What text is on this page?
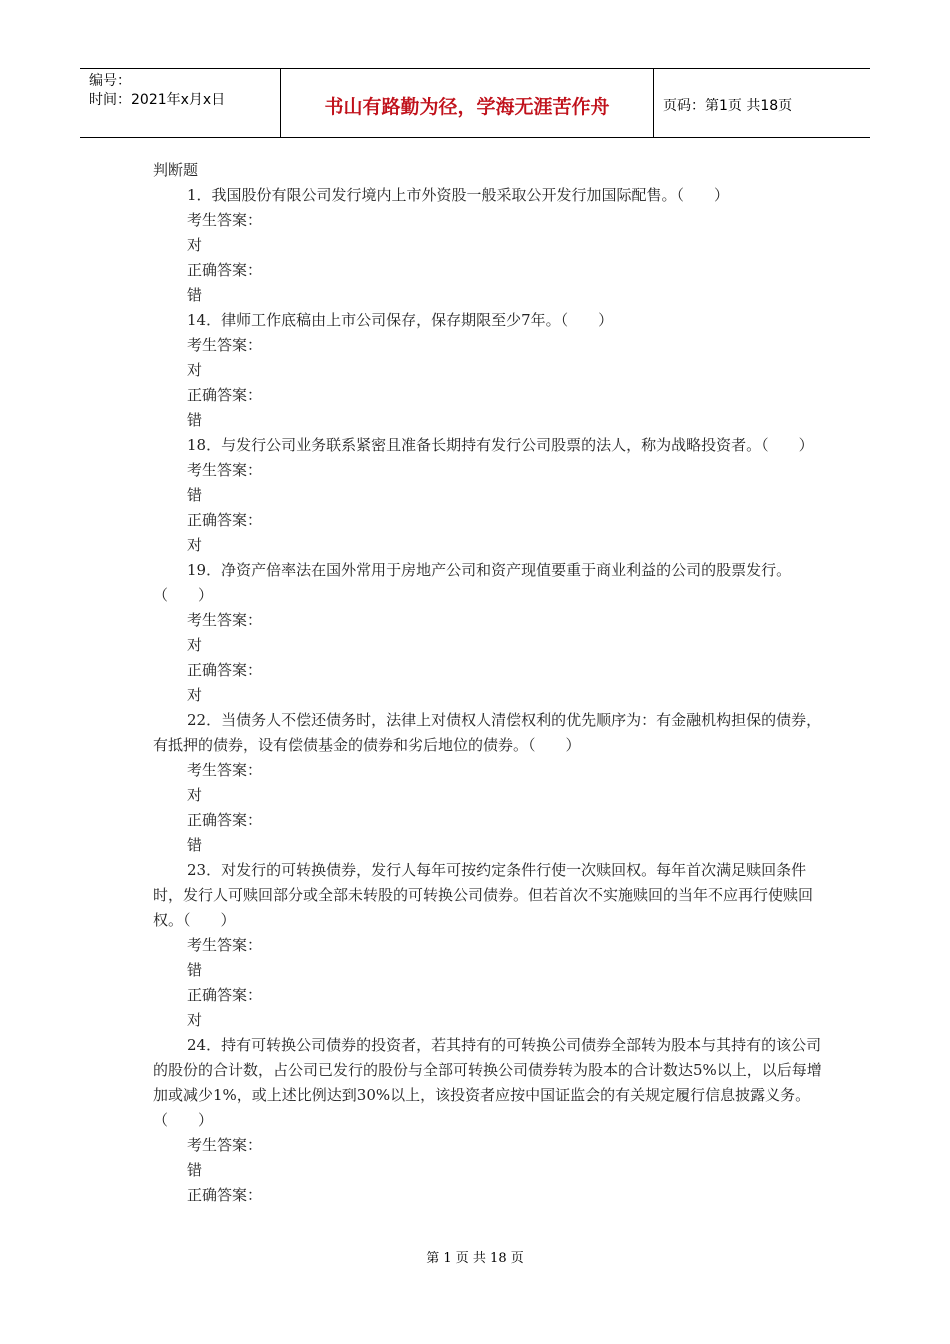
编号：
时间：2021年x月x日	书山有路勤为径，学海无涯苦作舟	页码：第1页 共18页

判断题

1．我国股份有限公司发行境内上市外资股一般采取公开发行加国际配售。（　　）

考生答案：

对

正确答案：

错

14．律师工作底稿由上市公司保存，保存期限至少7年。（　　）

考生答案：

对

正确答案：

错

18．与发行公司业务联系紧密且准备长期持有发行公司股票的法人，称为战略投资者。（　　）

考生答案：

错

正确答案：

对

19．净资产倍率法在国外常用于房地产公司和资产现值要重于商业利益的公司的股票发行。（　　）

考生答案：

对

正确答案：

对

22．当债务人不偿还债务时，法律上对债权人清偿权利的优先顺序为：有金融机构担保的债券，有抵押的债券，设有偿债基金的债券和劣后地位的债券。（　　）

考生答案：

对

正确答案：

错

23．对发行的可转换债券，发行人每年可按约定条件行使一次赎回权。每年首次满足赎回条件时，发行人可赎回部分或全部未转股的可转换公司债券。但若首次不实施赎回的当年不应再行使赎回权。（　　）

考生答案：

错

正确答案：

对

24．持有可转换公司债券的投资者，若其持有的可转换公司债券全部转为股本与其持有的该公司的股份的合计数，占公司已发行的股份与全部可转换公司债券转为股本的合计数达5%以上，以后每增加或减少1%，或上述比例达到30%以上，该投资者应按中国证监会的有关规定履行信息披露义务。（　　）

考生答案：

错

正确答案：

第 1 页 共 18 页
